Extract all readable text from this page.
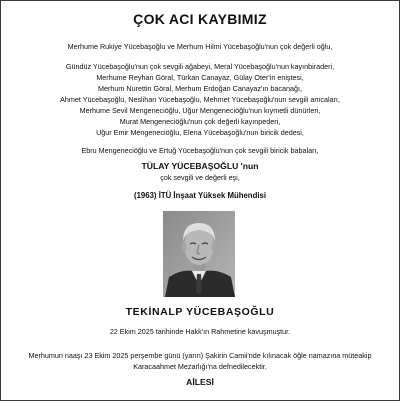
ÇOK ACI KAYBIMIZ
Merhume Rukiye Yücebaşoğlu ve Merhum Hilmi Yücebaşoğlu'nun çok değerli oğlu,
Gündüz Yücebaşoğlu'nun çok sevgili ağabeyi, Meral Yücebaşoğlu'nun kayınbiraderi,
Merhume Reyhan Göral, Türkan Canayaz, Gülay Oter'in eniştesi,
Merhum Nurettin Göral, Merhum Erdoğan Canayaz'ın bacanağı,
Ahmet Yücebaşoğlu, Neslihan Yücebaşoğlu, Mehmet Yücebaşoğlu'nun sevgili amcaları,
Merhume Sevil Mengeneciöğlu, Uğur Mengeneciöğlu'nun kıymetli dünürleri,
Murat Mengeneciöğlu'nun çok değerli kayınpederi,
Uğur Emir Mengeneciöğlu, Elena Yücebaşoğlu'nun biricik dedesi,
Ebru Mengeneciöğlu ve Ertuğ Yücebaşoğlu'nun çok sevgili biricik babaları,
TÜLAY YÜCEBAŞOĞLU 'nun
çok sevgili ve değerli eşi,
(1963) İTÜ İnşaat Yüksek Mühendisi
TEKİNALP YÜCEBAŞOĞLU
22 Ekim 2025 tarihinde Hakk'ın Rahmetine kavuşmuştur.
Merhumun naaşı 23 Ekim 2025 perşembe günü (yarın) Şakirin Camii'nde kılınacak öğle namazına müteakip
Karacaahmet Mezarlığı'na defnedilecektir.
AİLESİ
